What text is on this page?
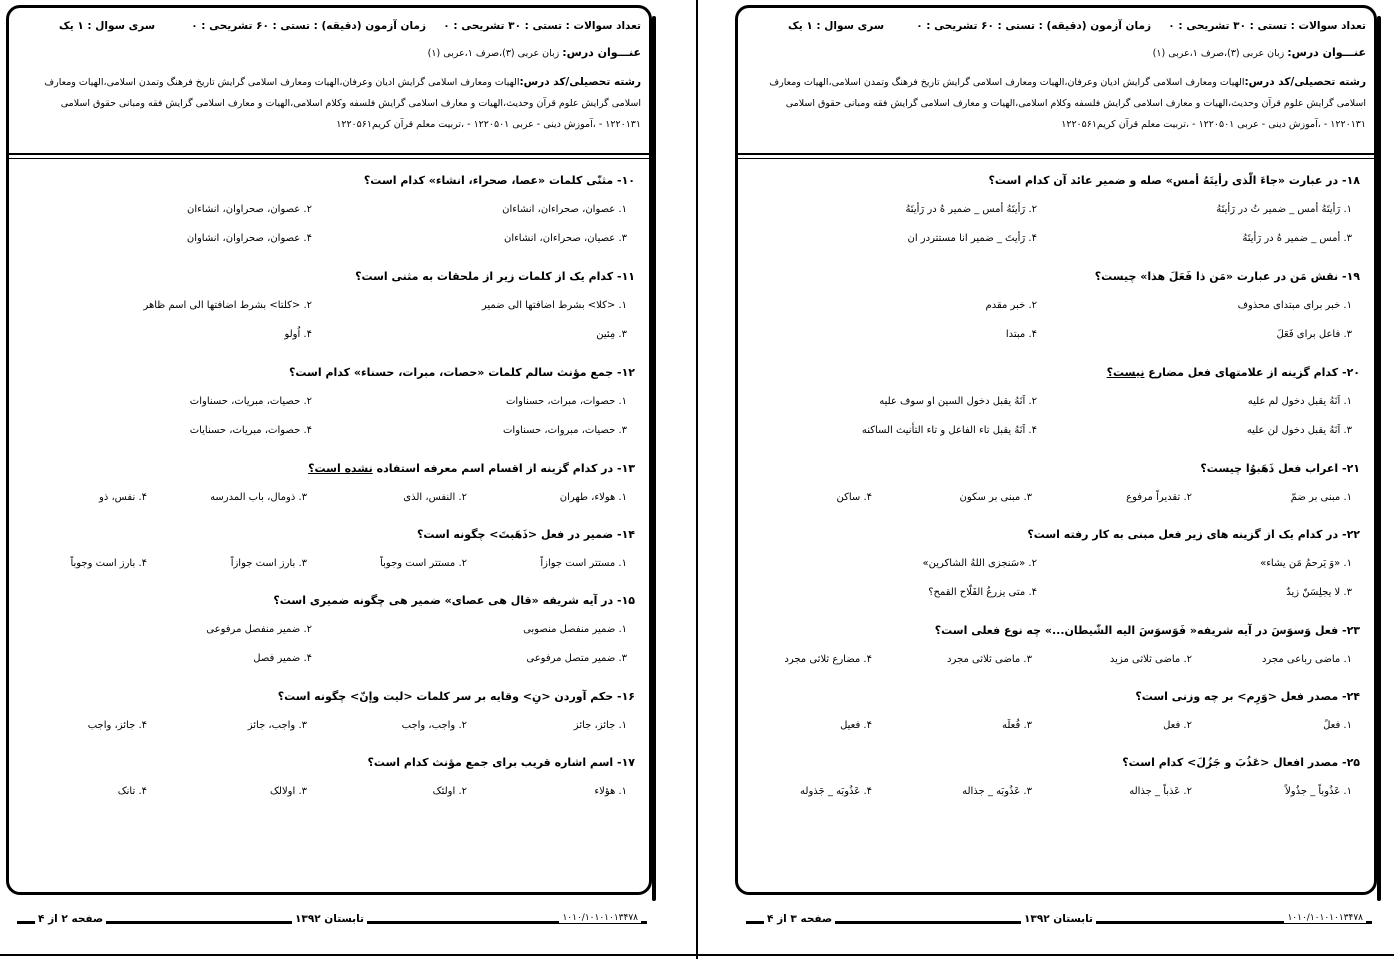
تعداد سوالات : تستی : ۳۰ تشریحی : ۰
زمان آزمون (دقیقه) : تستی : ۶۰ تشریحی : ۰
سری سوال : ۱ یک
عنـــوان درس: زبان عربی (۳)،صرف ۱،عربی (۱)
رشته تحصیلی/کد درس:الهیات ومعارف اسلامی گرایش ادیان وعرفان،الهیات ومعارف اسلامی گرایش تاریخ فرهنگ وتمدن اسلامی،الهیات ومعارف اسلامی گرایش علوم قرآن وحدیث،الهیات و معارف اسلامی گرایش فلسفه وکلام اسلامی،الهیات و معارف اسلامی گرایش فقه ومبانی حقوق اسلامی ۱۲۲۰۱۳۱ - ،آموزش دینی - عربی ۱۲۲۰۵۰۱ - ،تربیت معلم قرآن کریم۱۲۲۰۵۶۱
۱۰- مثنّی کلمات «عصا، صحراء، انشاء» کدام است؟
۱. عصوان، صحراءان، انشاءان
۲. عصوان، صحراوان، انشاءان
۳. عصیان، صحراءان، انشاءان
۴. عصوان، صحراوان، انشاوان
۱۱- کدام یک از کلمات زیر از ملحقات به مثنی است؟
۱. <کلا> بشرط اضافتها الی ضمیر
۲. <کلتا> بشرط اضافتها الی اسم ظاهر
۳. مِئین
۴. اُولو
۱۲- جمع مؤنث سالم کلمات «حصات، مبرات، حسناء» کدام است؟
۱. حصوات، مبرات، حسناوات
۲. حصیات، مبریات، حسناوات
۳. حصیات، مبروات، حسناوات
۴. حصوات، مبریات، حسنایات
۱۳- در کدام گزینه از اقسام اسم معرفه استفاده نشده است؟
۱. هولاء، طهران
۲. النفس، الذی
۳. ذومال، باب المدرسه
۴. نفس، ذو
۱۴- ضمیر در فعل <ذَهَبتَ> چگونه است؟
۱. مستتر است جوازاً
۲. مستتر است وجوباً
۳. بارز است جوازاً
۴. بارز است وجوباً
۱۵- در آیه شریفه «قال هی عصای» ضمیر هی چگونه ضمیری است؟
۱. ضمیر منفصل منصوبی
۲. ضمیر منفصل مرفوعی
۳. ضمیر متصل مرفوعی
۴. ضمیر فصل
۱۶- حکم آوردن <نِ> وقایه بر سر کلمات <لیت وإنّ> چگونه است؟
۱. جائز، جائز
۲. واجب، واجب
۳. واجب، جائز
۴. جائز، واجب
۱۷- اسم اشاره قریب برای جمع مؤنث کدام است؟
۱. هؤلاء
۲. اولئک
۳. اولالک
۴. تانک
صفحه ۲ از ۴	تابستان ۱۳۹۲	۱۰۱۰/۱۰۱۰۱۰۱۳۴۷۸
تعداد سوالات : تستی : ۳۰ تشریحی : ۰
زمان آزمون (دقیقه) : تستی : ۶۰ تشریحی : ۰
سری سوال : ۱ یک
عنـــوان درس: زبان عربی (۳)،صرف ۱،عربی (۱)
رشته تحصیلی/کد درس:الهیات ومعارف اسلامی گرایش ادیان وعرفان،الهیات ومعارف اسلامی گرایش تاریخ فرهنگ وتمدن اسلامی،الهیات ومعارف اسلامی گرایش علوم قرآن وحدیث،الهیات و معارف اسلامی گرایش فلسفه وکلام اسلامی،الهیات و معارف اسلامی گرایش فقه ومبانی حقوق اسلامی ۱۲۲۰۱۳۱ - ،آموزش دینی - عربی ۱۲۲۰۵۰۱ - ،تربیت معلم قرآن کریم۱۲۲۰۵۶۱
۱۸- در عبارت «جاءَ الّذی رأیتَهُ أمس» صله و ضمیر عائد آن کدام است؟
۱. رَأیتَهُ أمس _ ضمیر تُ در رَأیتَهُ
۲. رَأیتَهُ أمس _ ضمیر هُ در رَأیتَهُ
۳. أمس _ ضمیر هُ در رَأیتَهُ
۴. رَأیتَ _ ضمیر انا مستتردر ان
۱۹- نقش مَن در عبارت «مَن ذا فَعَلَ هذا» چیست؟
۱. خبر برای مبتدای محذوف
۲. خبر مقدم
۳. فاعل برای فَعَلَ
۴. مبتدا
۲۰- کدام گزینه از علامتهای فعل مضارع نیست؟
۱. اَنَهُ یقبل دخول لم علیه
۲. اَنَهُ یقبل دخول السین او سوف علیه
۳. اَنَهُ یقبل دخول لن علیه
۴. اَنَهُ یقبل تاء الفاعل و تاء التأنیث الساکنه
۲۱- اعراب فعل ذَهَبوُا چیست؟
۱. مبنی بر ضمّ
۲. تقدیراً مرفوع
۳. مبنی بر سکون
۴. ساکن
۲۲- در کدام یک از گزینه های زیر فعل مبنی به کار رفته است؟
۱. «وَ یَرحمُ مَن یشاء»
۲. «سَنجزی اللهُ الشاکرین»
۳. لا یجلِسَنّ زیدٌ
۴. متی یزرعُ الفَلّاح القمح؟
۲۳- فعل وَسوَسَ در آیه شریفه« فَوَسوَسَ الیه الشّیطان...» چه نوع فعلی است؟
۱. ماضی رباعی مجرد
۲. ماضی ثلاثی مزید
۳. ماضی ثلاثی مجرد
۴. مضارع ثلاثی مجرد
۲۴- مصدر فعل <وَرِم> بر چه وزنی است؟
۱. فعلً
۲. فعل
۳. فُعلَه
۴. فعیل
۲۵- مصدر افعال <عَذُبَ و جَزُلَ> کدام است؟
۱. عَذُوباً _ جذُولاً
۲. عَذباً _ جذاله
۳. عَذُوبَه _ جذاله
۴. عَذُوبَه _ جَذوله
صفحه ۳ از ۴	تابستان ۱۳۹۲	۱۰۱۰/۱۰۱۰۱۰۱۳۴۷۸
